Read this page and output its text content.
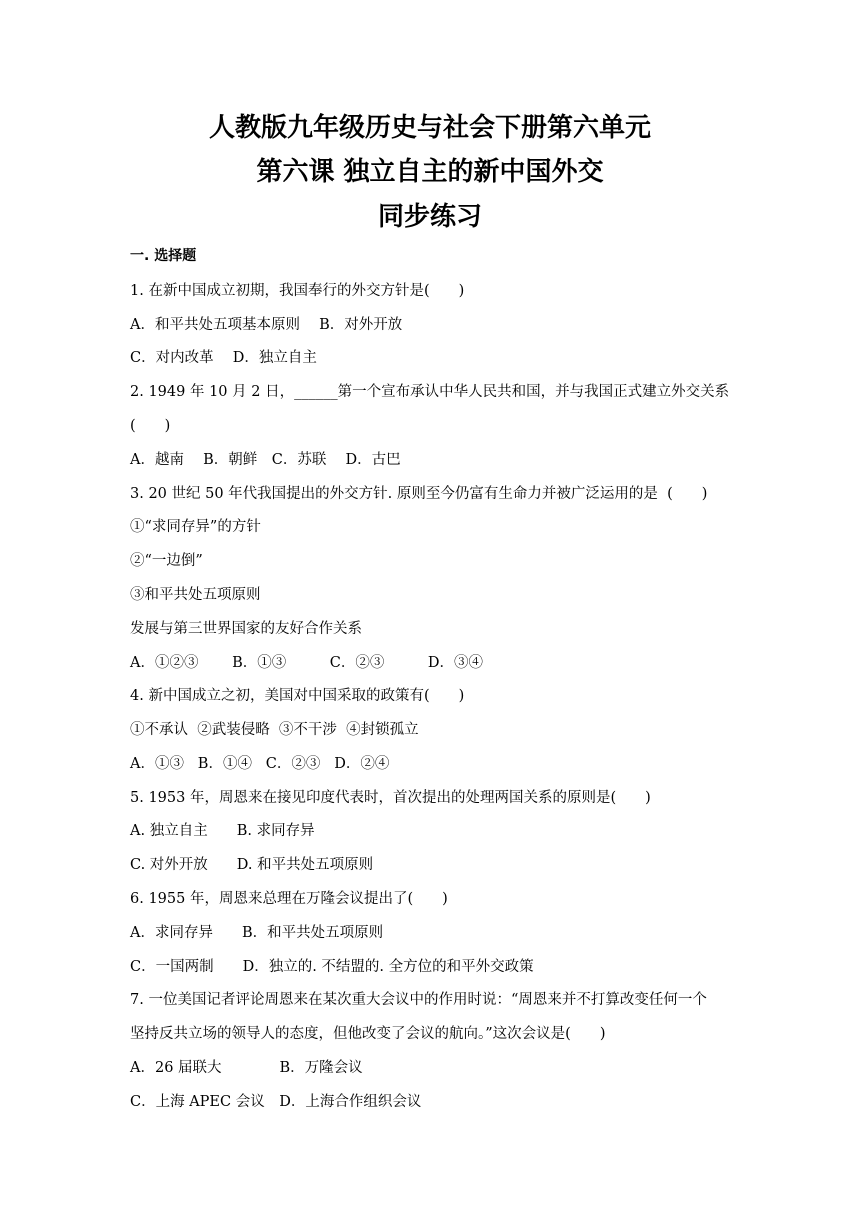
人教版九年级历史与社会下册第六单元
第六课 独立自主的新中国外交
同步练习

一. 选择题

1. 在新中国成立初期，我国奉行的外交方针是(　　)

A．和平共处五项基本原则　 B．对外开放

C．对内改革　 D．独立自主

2. 1949 年 10 月 2 日，______第一个宣布承认中华人民共和国，并与我国正式建立外交关系

(　　)

A．越南　 B．朝鲜　C．苏联　 D．古巴

3. 20 世纪 50 年代我国提出的外交方针. 原则至今仍富有生命力并被广泛运用的是  (　　)

①“求同存异”的方针

②“一边倒”

③和平共处五项原则

发展与第三世界国家的友好合作关系

A．①②③　　 B．①③　　　C．②③　　　D．③④

4. 新中国成立之初，美国对中国采取的政策有(　　)

①不承认  ②武装侵略  ③不干涉  ④封锁孤立

A．①③   B．①④   C．②③   D．②④

5. 1953 年，周恩来在接见印度代表时，首次提出的处理两国关系的原则是(　　)

A. 独立自主　　B. 求同存异

C. 对外开放　　D. 和平共处五项原则

6. 1955 年，周恩来总理在万隆会议提出了(　　)

A．求同存异　　B．和平共处五项原则

C．一国两制　　D．独立的. 不结盟的. 全方位的和平外交政策

7. 一位美国记者评论周恩来在某次重大会议中的作用时说：“周恩来并不打算改变任何一个

坚持反共立场的领导人的态度，但他改变了会议的航向。”这次会议是(　　)

A．26 届联大　　　　B．万隆会议

C．上海 APEC 会议　D．上海合作组织会议
